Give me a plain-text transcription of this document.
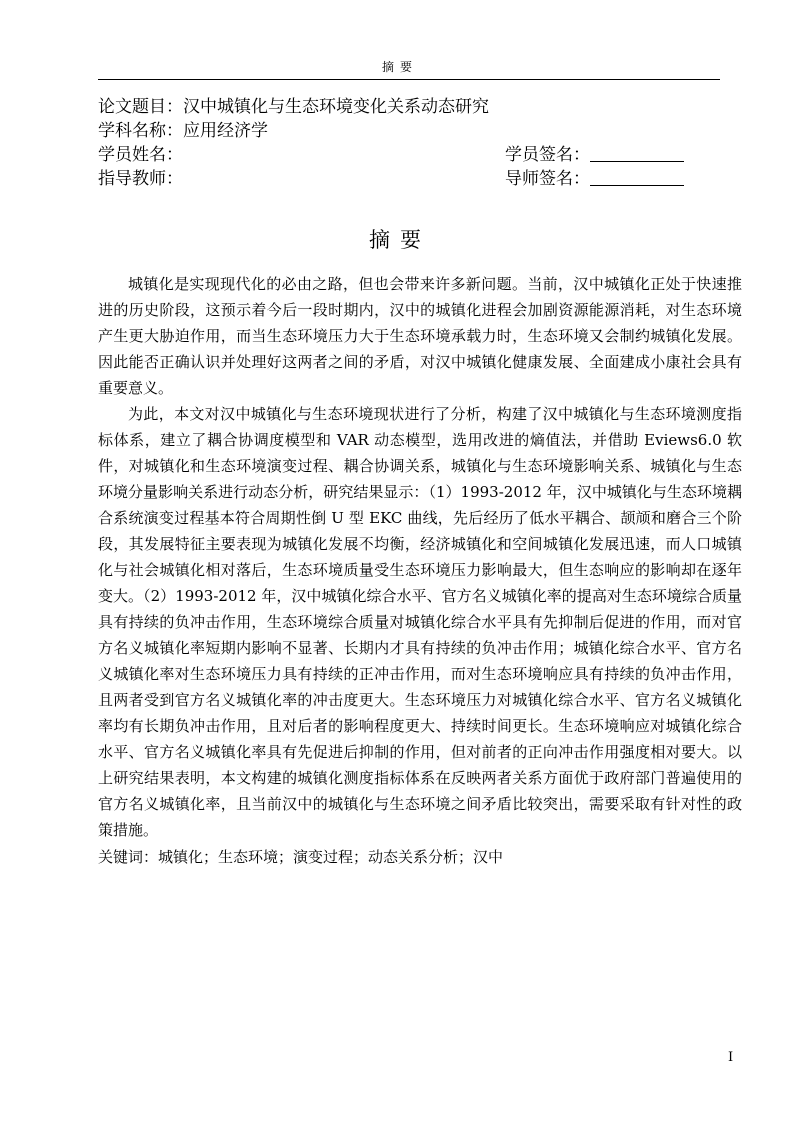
摘要
论文题目：汉中城镇化与生态环境变化关系动态研究
学科名称：应用经济学
学员姓名：	学员签名：
指导教师：	导师签名：
摘要

城镇化是实现现代化的必由之路，但也会带来许多新问题。当前，汉中城镇化正处于快速推进的历史阶段，这预示着今后一段时期内，汉中的城镇化进程会加剧资源能源消耗，对生态环境产生更大胁迫作用，而当生态环境压力大于生态环境承载力时，生态环境又会制约城镇化发展。因此能否正确认识并处理好这两者之间的矛盾，对汉中城镇化健康发展、全面建成小康社会具有重要意义。

为此，本文对汉中城镇化与生态环境现状进行了分析，构建了汉中城镇化与生态环境测度指标体系，建立了耦合协调度模型和 VAR 动态模型，选用改进的熵值法，并借助 Eviews6.0 软件，对城镇化和生态环境演变过程、耦合协调关系，城镇化与生态环境影响关系、城镇化与生态环境分量影响关系进行动态分析，研究结果显示：（1）1993-2012 年，汉中城镇化与生态环境耦合系统演变过程基本符合周期性倒 U 型 EKC 曲线，先后经历了低水平耦合、颉颃和磨合三个阶段，其发展特征主要表现为城镇化发展不均衡，经济城镇化和空间城镇化发展迅速，而人口城镇化与社会城镇化相对落后，生态环境质量受生态环境压力影响最大，但生态响应的影响却在逐年变大。（2）1993-2012 年，汉中城镇化综合水平、官方名义城镇化率的提高对生态环境综合质量具有持续的负冲击作用，生态环境综合质量对城镇化综合水平具有先抑制后促进的作用，而对官方名义城镇化率短期内影响不显著、长期内才具有持续的负冲击作用；城镇化综合水平、官方名义城镇化率对生态环境压力具有持续的正冲击作用，而对生态环境响应具有持续的负冲击作用，且两者受到官方名义城镇化率的冲击度更大。生态环境压力对城镇化综合水平、官方名义城镇化率均有长期负冲击作用，且对后者的影响程度更大、持续时间更长。生态环境响应对城镇化综合水平、官方名义城镇化率具有先促进后抑制的作用，但对前者的正向冲击作用强度相对要大。以上研究结果表明，本文构建的城镇化测度指标体系在反映两者关系方面优于政府部门普遍使用的官方名义城镇化率，且当前汉中的城镇化与生态环境之间矛盾比较突出，需要采取有针对性的政策措施。

关键词：城镇化；生态环境；演变过程；动态关系分析；汉中
I
